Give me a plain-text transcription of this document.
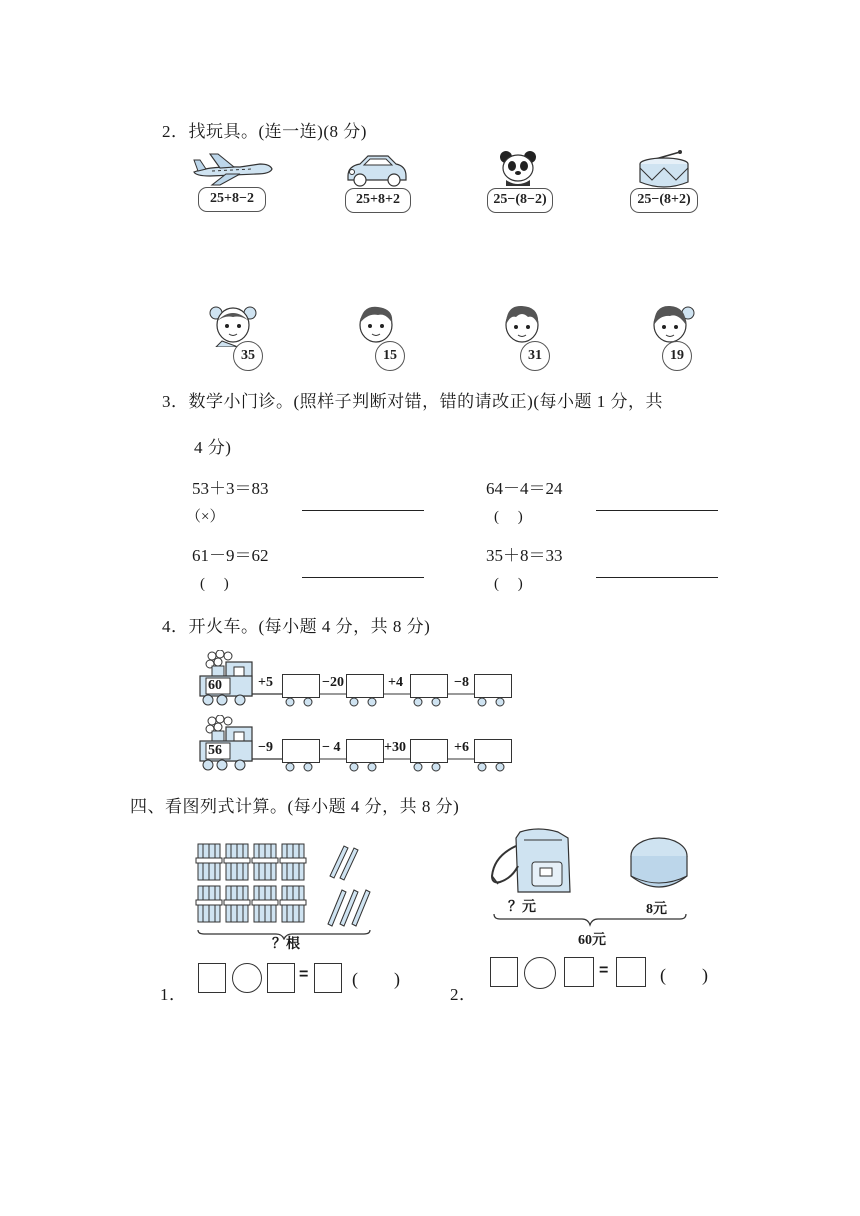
2．找玩具。(连一连)(8 分)
25+8−2	25+8+2	25−(8−2)	25−(8+2)
35	15	31	19
3．数学小门诊。(照样子判断对错，错的请改正)(每小题 1 分，共
4 分)
53＋3＝83
（×）
64－4＝24
(　 )
61－9＝62
(　 )
35＋8＝33
(　 )
4．开火车。(每小题 4 分，共 8 分)
60	+5	−20	+4	−8
56	−9	− 4	+30	+6
四、看图列式计算。(每小题 4 分，共 8 分)
？根
？元	8元
60元
1．
= (　　)
2．
=	(　　)
